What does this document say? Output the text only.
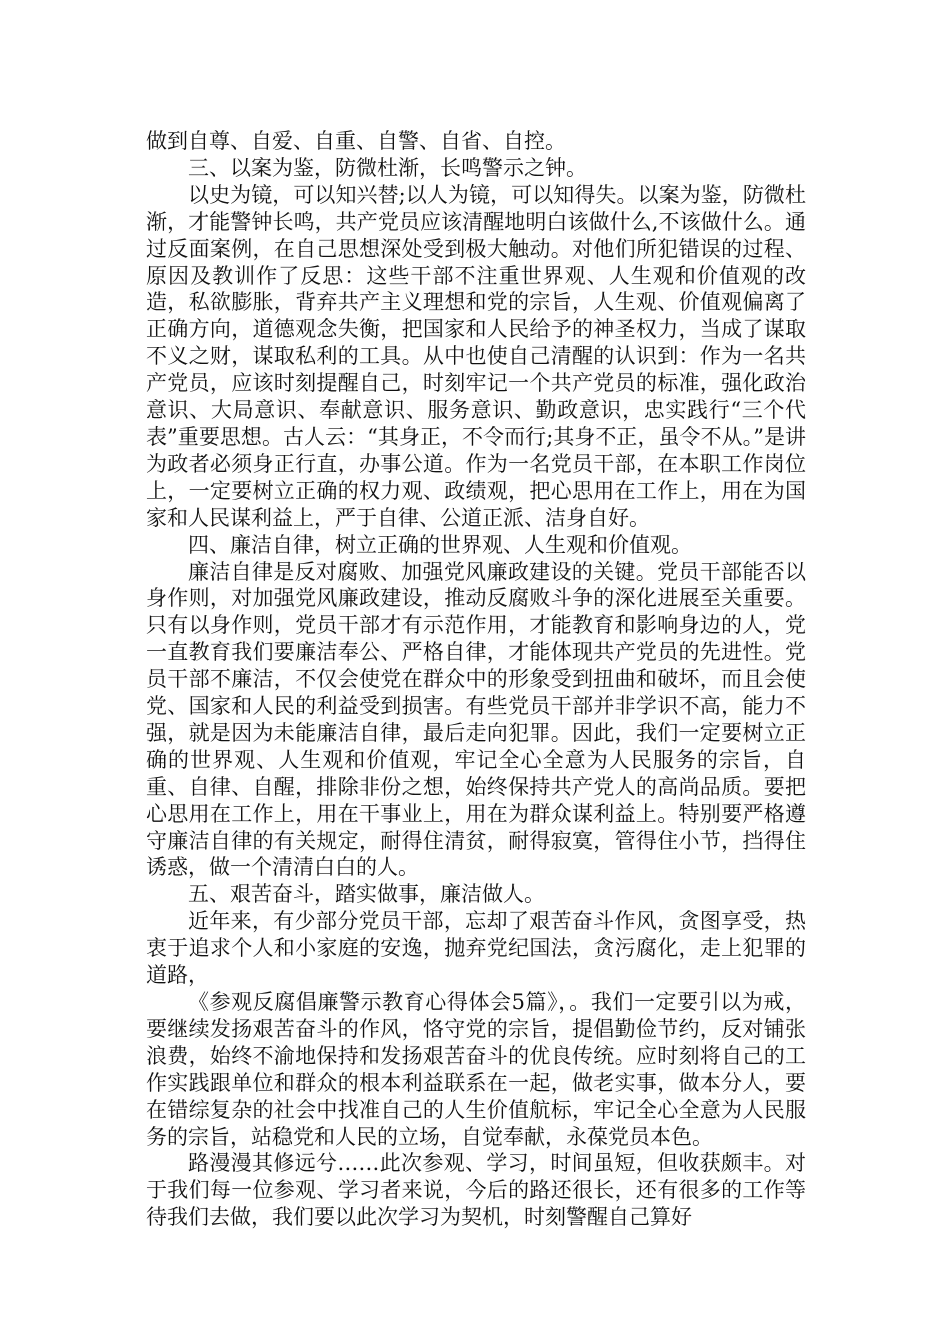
做到自尊、自爱、自重、自警、自省、自控。

三、以案为鉴，防微杜渐，长鸣警示之钟。

以史为镜，可以知兴替;以人为镜，可以知得失。以案为鉴，防微杜渐，才能警钟长鸣，共产党员应该清醒地明白该做什么,不该做什么。通过反面案例，在自己思想深处受到极大触动。对他们所犯错误的过程、原因及教训作了反思：这些干部不注重世界观、人生观和价值观的改造，私欲膨胀，背弃共产主义理想和党的宗旨，人生观、价值观偏离了正确方向，道德观念失衡，把国家和人民给予的神圣权力，当成了谋取不义之财，谋取私利的工具。从中也使自己清醒的认识到：作为一名共产党员，应该时刻提醒自己，时刻牢记一个共产党员的标准，强化政治意识、大局意识、奉献意识、服务意识、勤政意识，忠实践行“三个代表”重要思想。古人云：“其身正，不令而行;其身不正，虽令不从。”是讲为政者必须身正行直，办事公道。作为一名党员干部，在本职工作岗位上，一定要树立正确的权力观、政绩观，把心思用在工作上，用在为国家和人民谋利益上，严于自律、公道正派、洁身自好。

四、廉洁自律，树立正确的世界观、人生观和价值观。

廉洁自律是反对腐败、加强党风廉政建设的关键。党员干部能否以身作则，对加强党风廉政建设，推动反腐败斗争的深化进展至关重要。只有以身作则，党员干部才有示范作用，才能教育和影响身边的人，党一直教育我们要廉洁奉公、严格自律，才能体现共产党员的先进性。党员干部不廉洁，不仅会使党在群众中的形象受到扭曲和破坏，而且会使党、国家和人民的利益受到损害。有些党员干部并非学识不高，能力不强，就是因为未能廉洁自律，最后走向犯罪。因此，我们一定要树立正确的世界观、人生观和价值观，牢记全心全意为人民服务的宗旨，自重、自律、自醒，排除非份之想，始终保持共产党人的高尚品质。要把心思用在工作上，用在干事业上，用在为群众谋利益上。特别要严格遵守廉洁自律的有关规定，耐得住清贫，耐得寂寞，管得住小节，挡得住诱惑，做一个清清白白的人。

五、艰苦奋斗，踏实做事，廉洁做人。

近年来，有少部分党员干部，忘却了艰苦奋斗作风，贪图享受，热衷于追求个人和小家庭的安逸，抛弃党纪国法，贪污腐化，走上犯罪的道路，

《参观反腐倡廉警示教育心得体会5篇》，。我们一定要引以为戒，要继续发扬艰苦奋斗的作风，恪守党的宗旨，提倡勤俭节约，反对铺张浪费，始终不渝地保持和发扬艰苦奋斗的优良传统。应时刻将自己的工作实践跟单位和群众的根本利益联系在一起，做老实事，做本分人，要在错综复杂的社会中找准自己的人生价值航标，牢记全心全意为人民服务的宗旨，站稳党和人民的立场，自觉奉献，永葆党员本色。

路漫漫其修远兮……此次参观、学习，时间虽短，但收获颇丰。对于我们每一位参观、学习者来说，今后的路还很长，还有很多的工作等待我们去做，我们要以此次学习为契机，时刻警醒自己算好
